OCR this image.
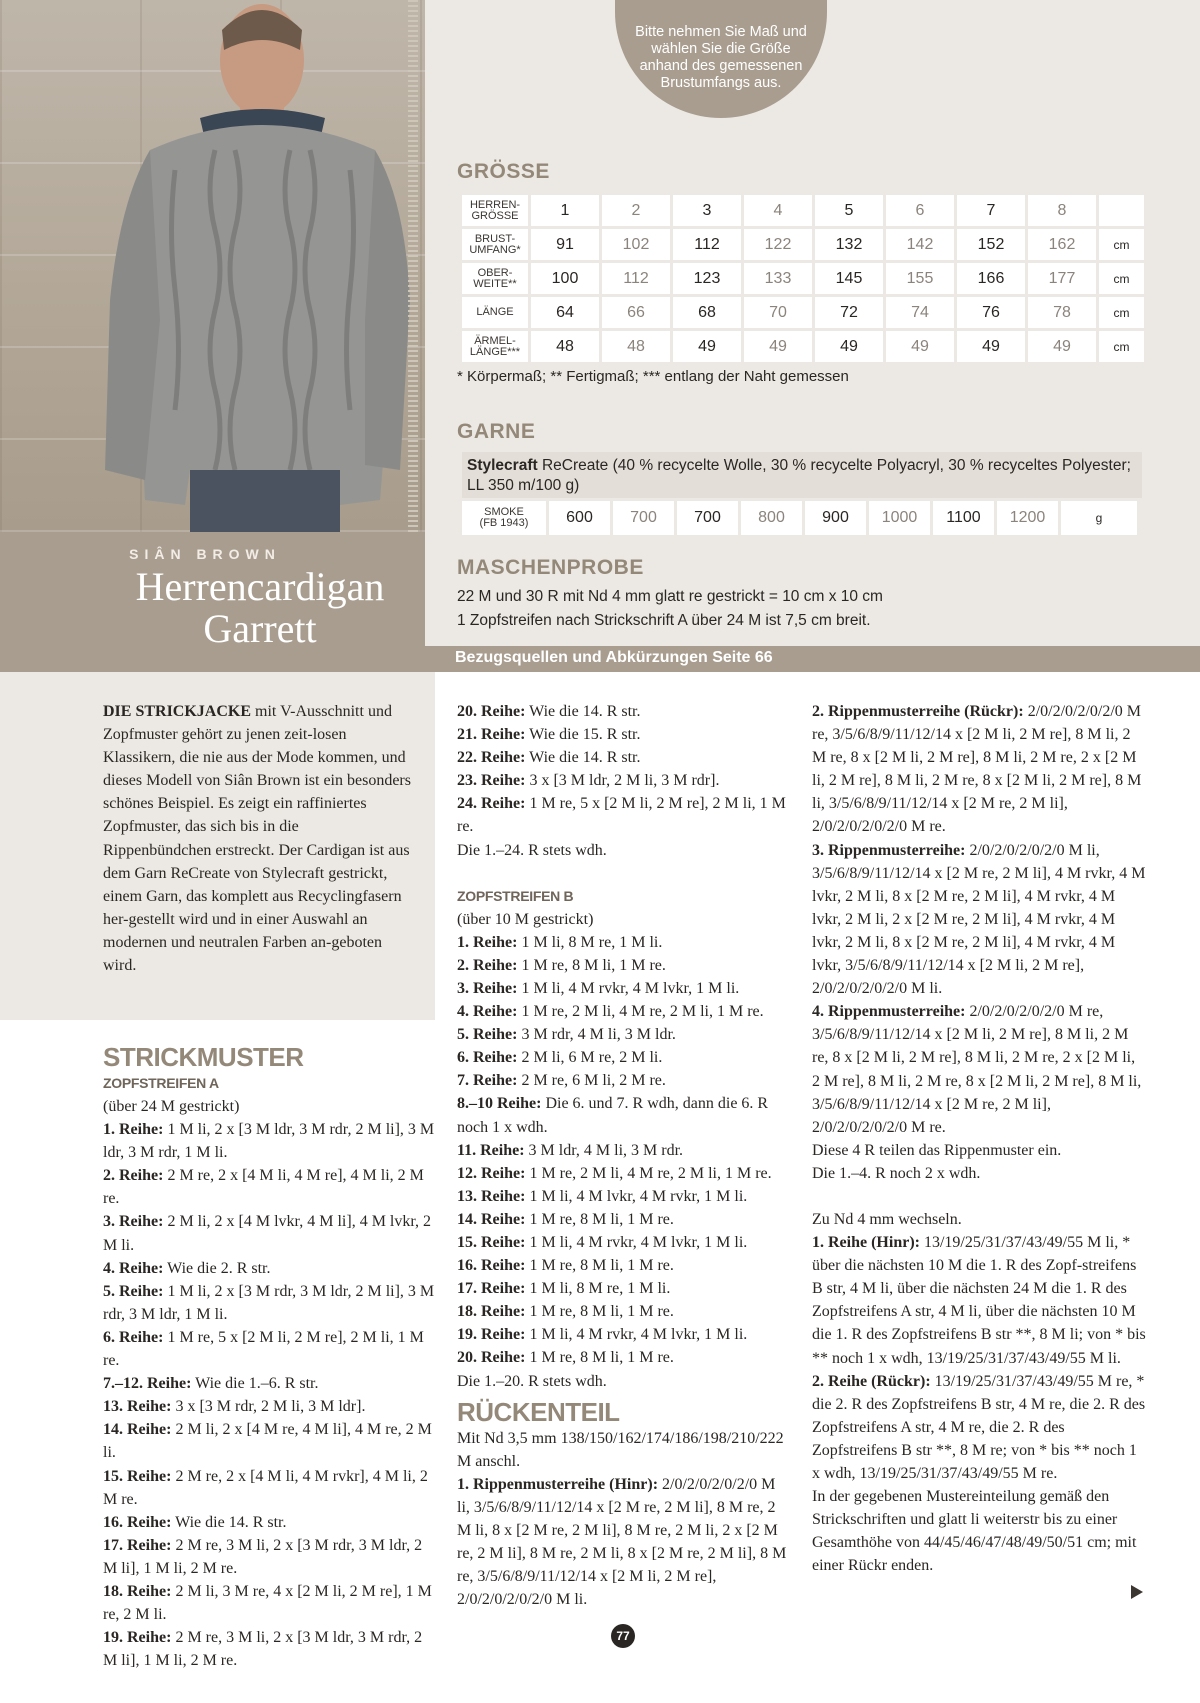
SIÂN BROWN
Herrencardigan
Garrett

Bitte nehmen Sie Maß und wählen Sie die Größe anhand des gemessenen Brustumfangs aus.

GRÖSSE
HERREN-
GRÖSSE	1	2	3	4	5	6	7	8	
BRUST-
UMFANG*	91	102	112	122	132	142	152	162	cm
OBER-
WEITE**	100	112	123	133	145	155	166	177	cm
LÄNGE	64	66	68	70	72	74	76	78	cm
ÄRMEL-
LÄNGE***	48	48	49	49	49	49	49	49	cm
* Körpermaß; ** Fertigmaß; *** entlang der Naht gemessen
GARNE
Stylecraft ReCreate (40 % recycelte Wolle, 30 % recycelte Polyacryl, 30 % recyceltes Polyester; LL 350 m/100 g)
SMOKE
(FB 1943)	600	700	700	800	900	1000	1100	1200	g
MASCHENPROBE
22 M und 30 R mit Nd 4 mm glatt re gestrickt = 10 cm x 10 cm
1 Zopfstreifen nach Strickschrift A über 24 M ist 7,5 cm breit.
Bezugsquellen und Abkürzungen Seite 66
DIE STRICKJACKE mit V-Ausschnitt und Zopfmuster gehört zu jenen zeit-losen Klassikern, die nie aus der Mode kommen, und dieses Modell von Siân Brown ist ein besonders schönes Beispiel. Es zeigt ein raffiniertes Zopfmuster, das sich bis in die Rippenbündchen erstreckt. Der Cardigan ist aus dem Garn ReCreate von Stylecraft gestrickt, einem Garn, das komplett aus Recyclingfasern her-gestellt wird und in einer Auswahl an modernen und neutralen Farben an-geboten wird.
STRICKMUSTER
ZOPFSTREIFEN A

(über 24 M gestrickt)

1. Reihe: 1 M li, 2 x [3 M ldr, 3 M rdr, 2 M li], 3 M ldr, 3 M rdr, 1 M li.

2. Reihe: 2 M re, 2 x [4 M li, 4 M re], 4 M li, 2 M re.

3. Reihe: 2 M li, 2 x [4 M lvkr, 4 M li], 4 M lvkr, 2 M li.

4. Reihe: Wie die 2. R str.

5. Reihe: 1 M li, 2 x [3 M rdr, 3 M ldr, 2 M li], 3 M rdr, 3 M ldr, 1 M li.

6. Reihe: 1 M re, 5 x [2 M li, 2 M re], 2 M li, 1 M re.

7.–12. Reihe: Wie die 1.–6. R str.

13. Reihe: 3 x [3 M rdr, 2 M li, 3 M ldr].

14. Reihe: 2 M li, 2 x [4 M re, 4 M li], 4 M re, 2 M li.

15. Reihe: 2 M re, 2 x [4 M li, 4 M rvkr], 4 M li, 2 M re.

16. Reihe: Wie die 14. R str.

17. Reihe: 2 M re, 3 M li, 2 x [3 M rdr, 3 M ldr, 2 M li], 1 M li, 2 M re.

18. Reihe: 2 M li, 3 M re, 4 x [2 M li, 2 M re], 1 M re, 2 M li.

19. Reihe: 2 M re, 3 M li, 2 x [3 M ldr, 3 M rdr, 2 M li], 1 M li, 2 M re.

20. Reihe: Wie die 14. R str.

21. Reihe: Wie die 15. R str.

22. Reihe: Wie die 14. R str.

23. Reihe: 3 x [3 M ldr, 2 M li, 3 M rdr].

24. Reihe: 1 M re, 5 x [2 M li, 2 M re], 2 M li, 1 M re.

Die 1.–24. R stets wdh.

ZOPFSTREIFEN B

(über 10 M gestrickt)

1. Reihe: 1 M li, 8 M re, 1 M li.

2. Reihe: 1 M re, 8 M li, 1 M re.

3. Reihe: 1 M li, 4 M rvkr, 4 M lvkr, 1 M li.

4. Reihe: 1 M re, 2 M li, 4 M re, 2 M li, 1 M re.

5. Reihe: 3 M rdr, 4 M li, 3 M ldr.

6. Reihe: 2 M li, 6 M re, 2 M li.

7. Reihe: 2 M re, 6 M li, 2 M re.

8.–10 Reihe: Die 6. und 7. R wdh, dann die 6. R noch 1 x wdh.

11. Reihe: 3 M ldr, 4 M li, 3 M rdr.

12. Reihe: 1 M re, 2 M li, 4 M re, 2 M li, 1 M re.

13. Reihe: 1 M li, 4 M lvkr, 4 M rvkr, 1 M li.

14. Reihe: 1 M re, 8 M li, 1 M re.

15. Reihe: 1 M li, 4 M rvkr, 4 M lvkr, 1 M li.

16. Reihe: 1 M re, 8 M li, 1 M re.

17. Reihe: 1 M li, 8 M re, 1 M li.

18. Reihe: 1 M re, 8 M li, 1 M re.

19. Reihe: 1 M li, 4 M rvkr, 4 M lvkr, 1 M li.

20. Reihe: 1 M re, 8 M li, 1 M re.

Die 1.–20. R stets wdh.

RÜCKENTEIL

Mit Nd 3,5 mm 138/150/162/174/186/198/210/222 M anschl.

1. Rippenmusterreihe (Hinr): 2/0/2/0/2/0/2/0 M li, 3/5/6/8/9/11/12/14 x [2 M re, 2 M li], 8 M re, 2 M li, 8 x [2 M re, 2 M li], 8 M re, 2 M li, 2 x [2 M re, 2 M li], 8 M re, 2 M li, 8 x [2 M re, 2 M li], 8 M re, 3/5/6/8/9/11/12/14 x [2 M li, 2 M re], 2/0/2/0/2/0/2/0 M li.

2. Rippenmusterreihe (Rückr): 2/0/2/0/2/0/2/0 M re, 3/5/6/8/9/11/12/14 x [2 M li, 2 M re], 8 M li, 2 M re, 8 x [2 M li, 2 M re], 8 M li, 2 M re, 2 x [2 M li, 2 M re], 8 M li, 2 M re, 8 x [2 M li, 2 M re], 8 M li, 3/5/6/8/9/11/12/14 x [2 M re, 2 M li], 2/0/2/0/2/0/2/0 M re.

3. Rippenmusterreihe: 2/0/2/0/2/0/2/0 M li, 3/5/6/8/9/11/12/14 x [2 M re, 2 M li], 4 M rvkr, 4 M lvkr, 2 M li, 8 x [2 M re, 2 M li], 4 M rvkr, 4 M lvkr, 2 M li, 2 x [2 M re, 2 M li], 4 M rvkr, 4 M lvkr, 2 M li, 8 x [2 M re, 2 M li], 4 M rvkr, 4 M lvkr, 3/5/6/8/9/11/12/14 x [2 M li, 2 M re], 2/0/2/0/2/0/2/0 M li.

4. Rippenmusterreihe: 2/0/2/0/2/0/2/0 M re, 3/5/6/8/9/11/12/14 x [2 M li, 2 M re], 8 M li, 2 M re, 8 x [2 M li, 2 M re], 8 M li, 2 M re, 2 x [2 M li, 2 M re], 8 M li, 2 M re, 8 x [2 M li, 2 M re], 8 M li, 3/5/6/8/9/11/12/14 x [2 M re, 2 M li], 2/0/2/0/2/0/2/0 M re.

Diese 4 R teilen das Rippenmuster ein.

Die 1.–4. R noch 2 x wdh.

Zu Nd 4 mm wechseln.

1. Reihe (Hinr): 13/19/25/31/37/43/49/55 M li, * über die nächsten 10 M die 1. R des Zopf-streifens B str, 4 M li, über die nächsten 24 M die 1. R des Zopfstreifens A str, 4 M li, über die nächsten 10 M die 1. R des Zopfstreifens B str **, 8 M li; von * bis ** noch 1 x wdh, 13/19/25/31/37/43/49/55 M li.

2. Reihe (Rückr): 13/19/25/31/37/43/49/55 M re, * die 2. R des Zopfstreifens B str, 4 M re, die 2. R des Zopfstreifens A str, 4 M re, die 2. R des Zopfstreifens B str **, 8 M re; von * bis ** noch 1 x wdh, 13/19/25/31/37/43/49/55 M re.

In der gegebenen Mustereinteilung gemäß den Strickschriften und glatt li weiterstr bis zu einer Gesamthöhe von 44/45/46/47/48/49/50/51 cm; mit einer Rückr enden.

77
